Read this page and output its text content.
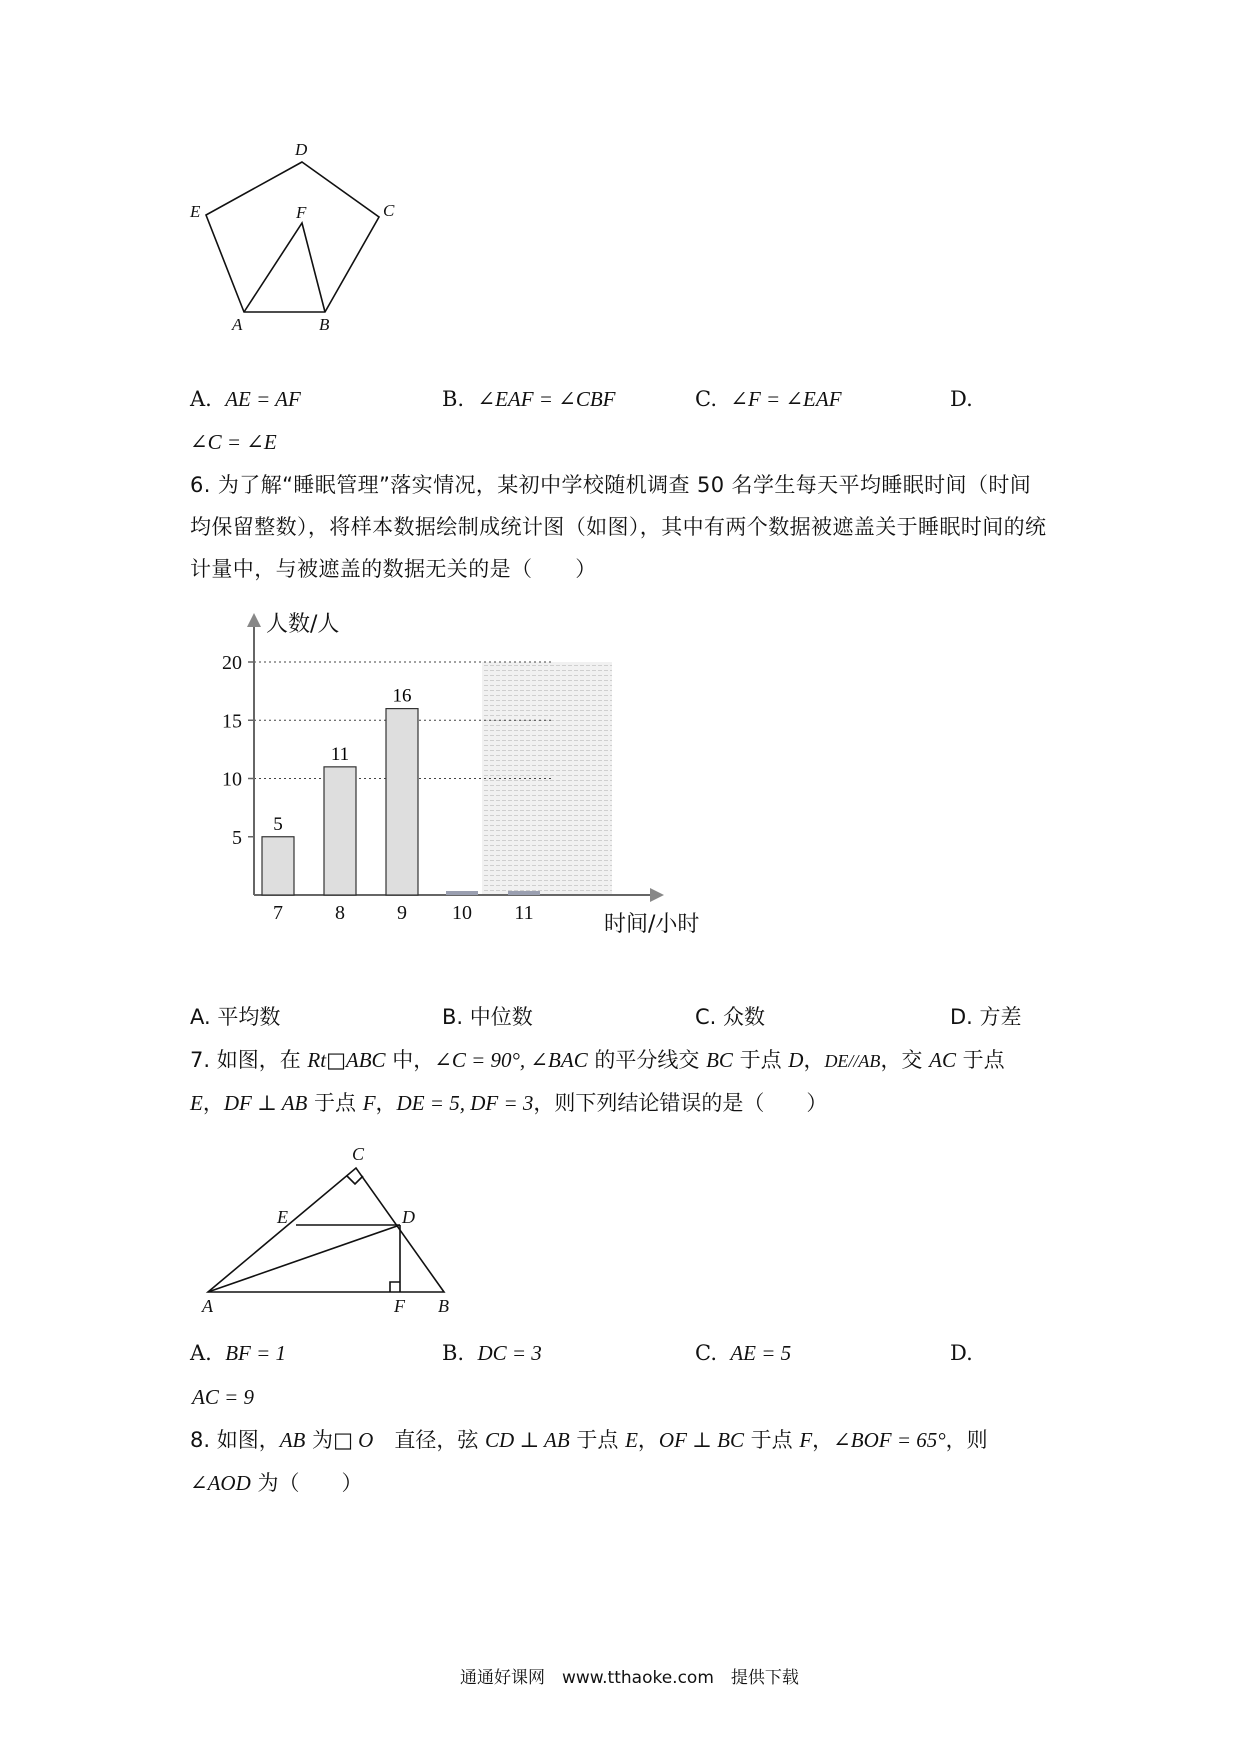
D
E	C
F
A	B
A. AE = AF	B. ∠EAF = ∠CBF	C. ∠F = ∠EAF	D.
∠C = ∠E
6. 为了解“睡眠管理”落实情况，某初中学校随机调查 50 名学生每天平均睡眠时间（时间
均保留整数），将样本数据绘制成统计图（如图），其中有两个数据被遮盖关于睡眠时间的统
计量中，与被遮盖的数据无关的是（　　）
5
11
16
5
10
15
20
7	8	9 10 11
人数/人
时间/小时
A. 平均数	B. 中位数	C. 众数	D. 方差
7. 如图，在 Rt□ABC 中，∠C = 90°, ∠BAC 的平分线交 BC 于点 D，DE//AB，交 AC 于点
E，DF ⊥ AB 于点 F，DE = 5, DF = 3，则下列结论错误的是（　　）
C
E	D
A	F B
A. BF = 1	B. DC = 3	C. AE = 5	D.
AC = 9
8. 如图，AB 为□ O　直径，弦 CD ⊥ AB 于点 E，OF ⊥ BC 于点 F，∠BOF = 65°，则
∠AOD 为（　　）
通通好课网　www.tthaoke.com　提供下载
